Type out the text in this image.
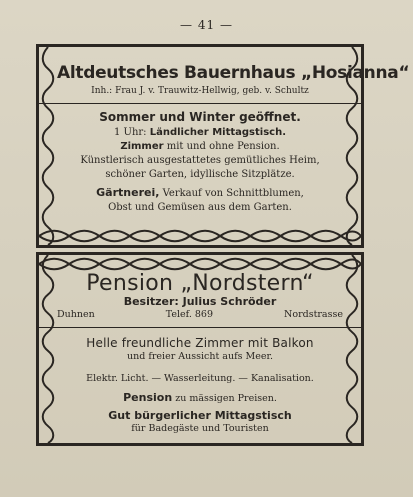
— 41 —
Altdeutsches Bauernhaus „Hosianna“
Inh.: Frau J. v. Trauwitz-Hellwig, geb. v. Schultz
Sommer und Winter geöffnet.
1 Uhr: Ländlicher Mittagstisch.
Zimmer mit und ohne Pension.
Künstlerisch ausgestattetes gemütliches Heim,
schöner Garten, idyllische Sitzplätze.
Gärtnerei, Verkauf von Schnittblumen,
Obst und Gemüsen aus dem Garten.
Pension „Nordstern“
Besitzer: Julius Schröder
Duhnen	Telef. 869	Nordstrasse
Helle freundliche Zimmer mit Balkon
und freier Aussicht aufs Meer.
Elektr. Licht. — Wasserleitung. — Kanalisation.
Pension zu mässigen Preisen.
Gut bürgerlicher Mittagstisch
für Badegäste und Touristen
